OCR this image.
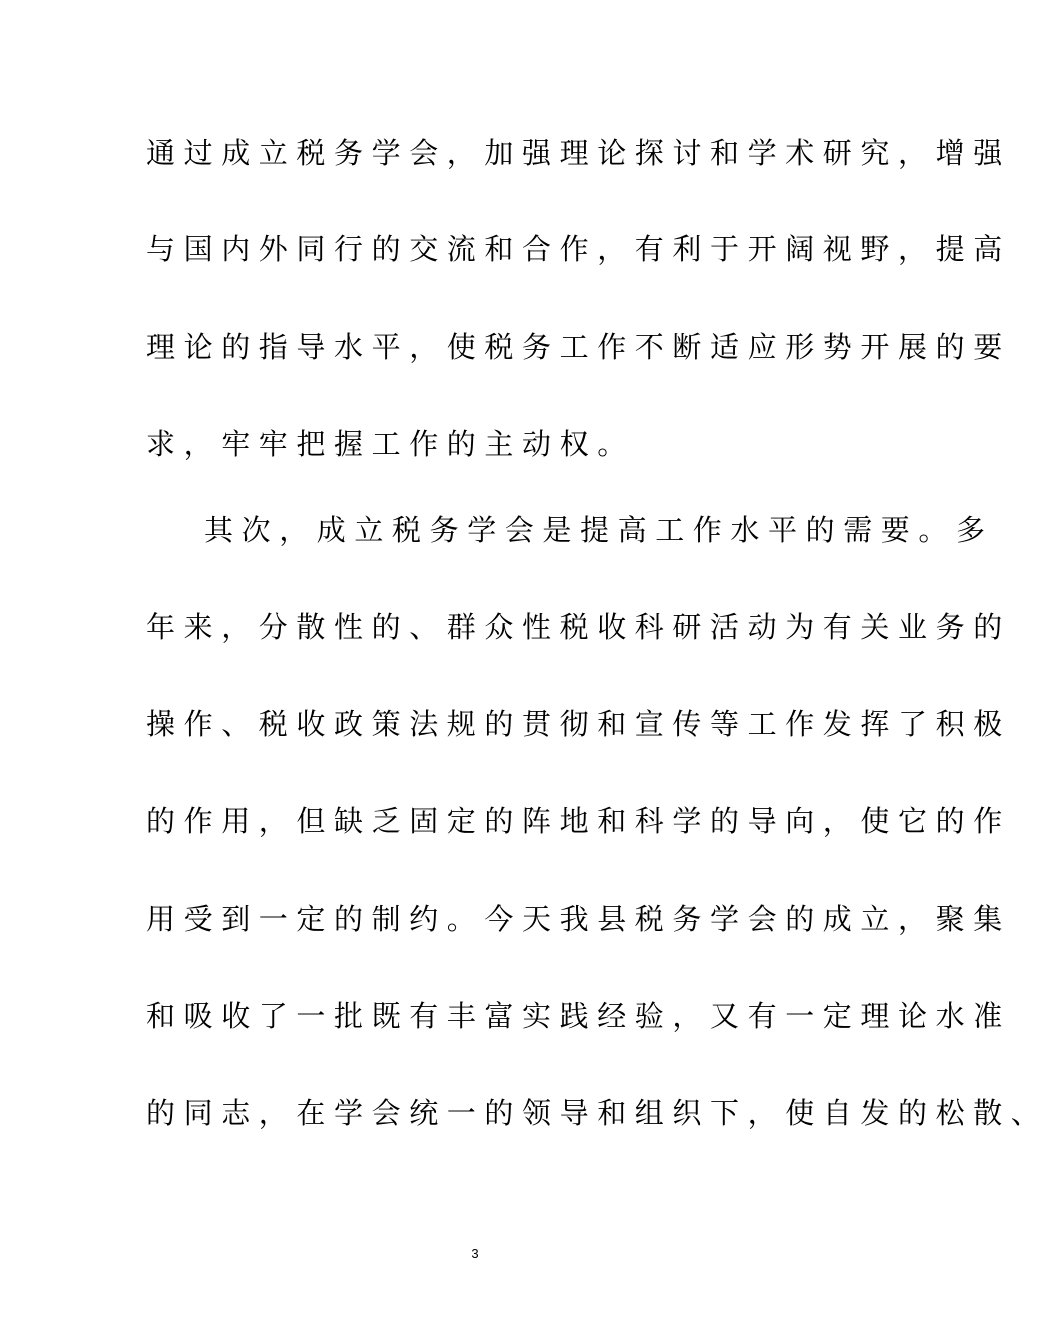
通过成立税务学会，加强理论探讨和学术研究，增强
与国内外同行的交流和合作，有利于开阔视野，提高
理论的指导水平，使税务工作不断适应形势开展的要
求，牢牢把握工作的主动权。
其次，成立税务学会是提高工作水平的需要。多
年来，分散性的、群众性税收科研活动为有关业务的
操作、税收政策法规的贯彻和宣传等工作发挥了积极
的作用，但缺乏固定的阵地和科学的导向，使它的作
用受到一定的制约。今天我县税务学会的成立，聚集
和吸收了一批既有丰富实践经验，又有一定理论水准
的同志，在学会统一的领导和组织下，使自发的松散、
3
